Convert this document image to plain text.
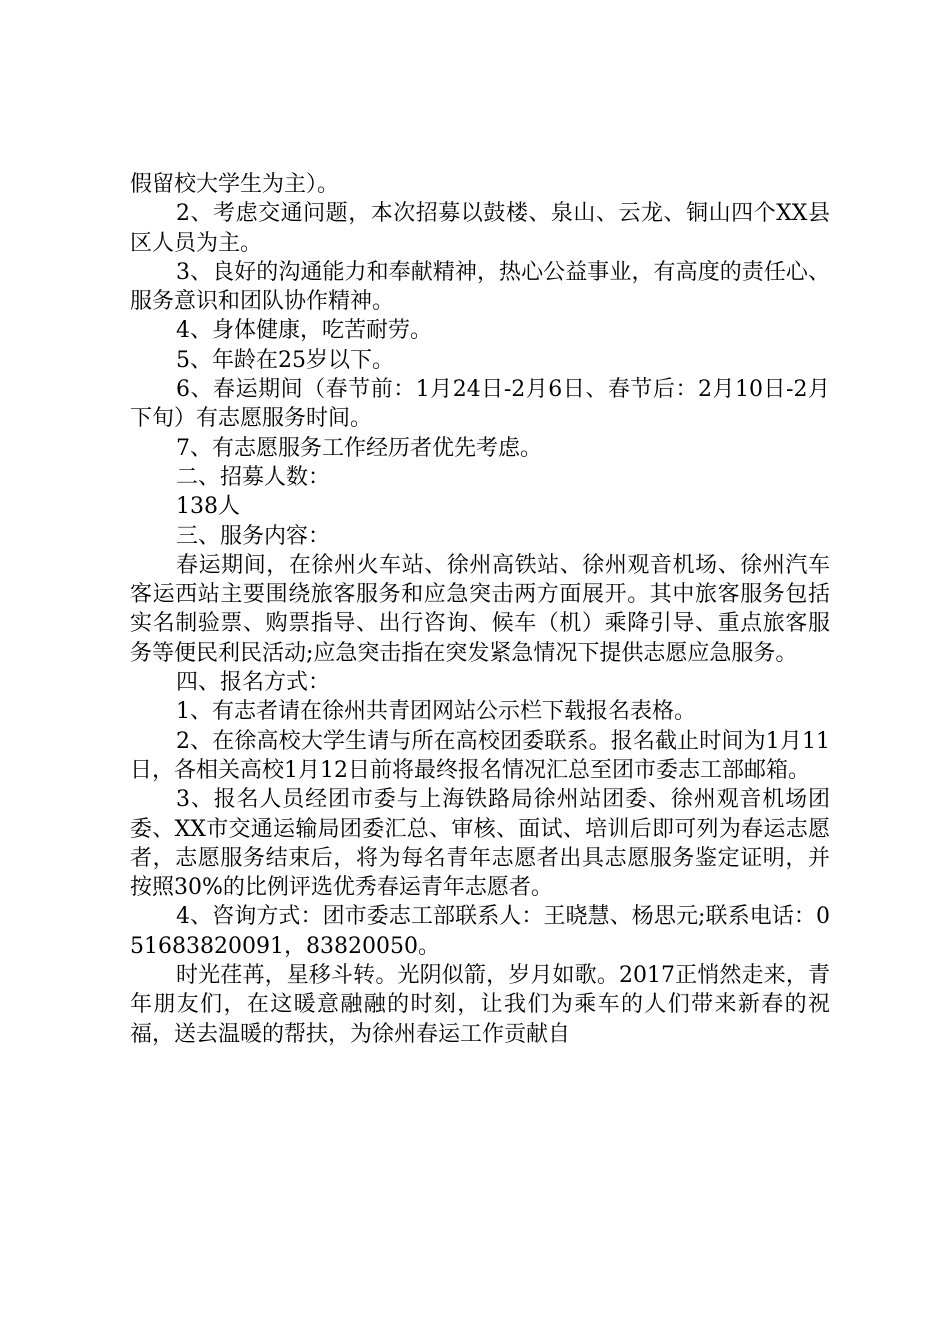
假留校大学生为主）。

2、考虑交通问题，本次招募以鼓楼、泉山、云龙、铜山四个XX县区人员为主。

3、良好的沟通能力和奉献精神，热心公益事业，有高度的责任心、服务意识和团队协作精神。

4、身体健康，吃苦耐劳。

5、年龄在25岁以下。

6、春运期间（春节前：1月24日-2月6日、春节后：2月10日-2月下旬）有志愿服务时间。

7、有志愿服务工作经历者优先考虑。

二、招募人数：

138人

三、服务内容：

春运期间，在徐州火车站、徐州高铁站、徐州观音机场、徐州汽车客运西站主要围绕旅客服务和应急突击两方面展开。其中旅客服务包括实名制验票、购票指导、出行咨询、候车（机）乘降引导、重点旅客服务等便民利民活动;应急突击指在突发紧急情况下提供志愿应急服务。

四、报名方式：

1、有志者请在徐州共青团网站公示栏下载报名表格。

2、在徐高校大学生请与所在高校团委联系。报名截止时间为1月11日，各相关高校1月12日前将最终报名情况汇总至团市委志工部邮箱。

3、报名人员经团市委与上海铁路局徐州站团委、徐州观音机场团委、XX市交通运输局团委汇总、审核、面试、培训后即可列为春运志愿者，志愿服务结束后，将为每名青年志愿者出具志愿服务鉴定证明，并按照30%的比例评选优秀春运青年志愿者。

4、咨询方式：团市委志工部联系人：王晓慧、杨思元;联系电话：051683820091，83820050。

时光荏苒，星移斗转。光阴似箭，岁月如歌。2017正悄然走来，青年朋友们，在这暖意融融的时刻，让我们为乘车的人们带来新春的祝福，送去温暖的帮扶，为徐州春运工作贡献自
